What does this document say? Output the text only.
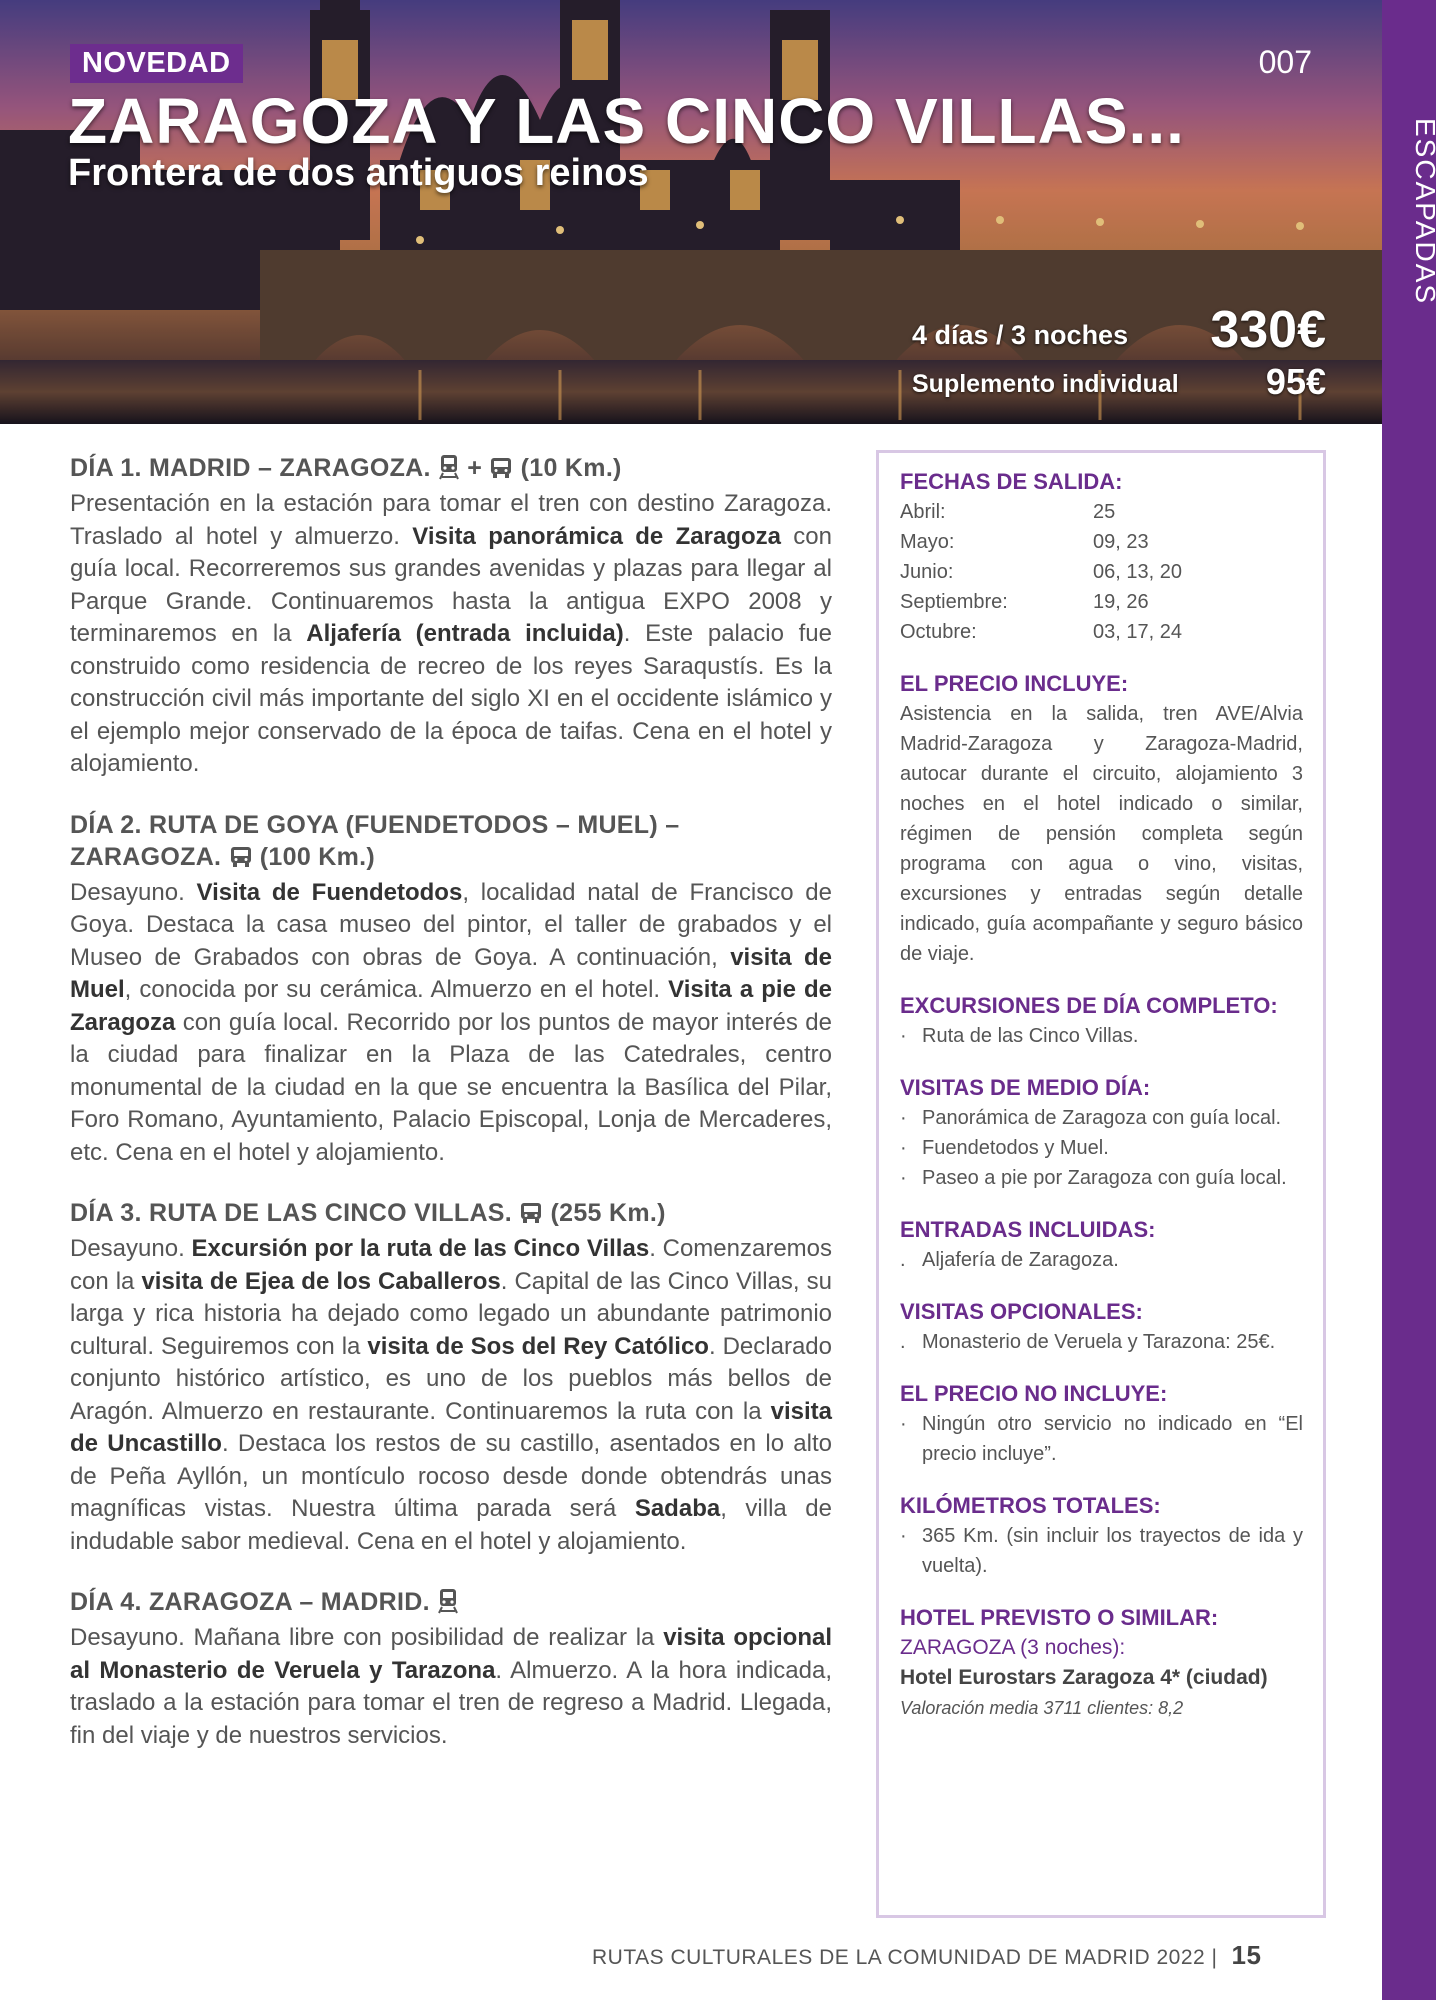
NOVEDAD	007
ZARAGOZA Y LAS CINCO VILLAS...
Frontera de dos antiguos reinos
4 días / 3 noches 330€
Suplemento individual 95€
ESCAPADAS
DÍA 1. MADRID – ZARAGOZA.  +  (10 Km.)
Presentación en la estación para tomar el tren con destino Zaragoza. Traslado al hotel y almuerzo. Visita panorámica de Zaragoza con guía local. Recorreremos sus grandes avenidas y plazas para llegar al Parque Grande. Continuaremos hasta la antigua EXPO 2008 y terminaremos en la Aljafería (entrada incluida). Este palacio fue construido como residencia de recreo de los reyes Saraqustís. Es la construcción civil más importante del siglo XI en el occidente islámico y el ejemplo mejor conservado de la época de taifas. Cena en el hotel y alojamiento.
DÍA 2. RUTA DE GOYA (FUENDETODOS – MUEL) – ZARAGOZA.  (100 Km.)
Desayuno. Visita de Fuendetodos, localidad natal de Francisco de Goya. Destaca la casa museo del pintor, el taller de grabados y el Museo de Grabados con obras de Goya. A continuación, visita de Muel, conocida por su cerámica. Almuerzo en el hotel. Visita a pie de Zaragoza con guía local. Recorrido por los puntos de mayor interés de la ciudad para finalizar en la Plaza de las Catedrales, centro monumental de la ciudad en la que se encuentra la Basílica del Pilar, Foro Romano, Ayuntamiento, Palacio Episcopal, Lonja de Mercaderes, etc. Cena en el hotel y alojamiento.
DÍA 3. RUTA DE LAS CINCO VILLAS.  (255 Km.)
Desayuno. Excursión por la ruta de las Cinco Villas. Comenzaremos con la visita de Ejea de los Caballeros. Capital de las Cinco Villas, su larga y rica historia ha dejado como legado un abundante patrimonio cultural. Seguiremos con la visita de Sos del Rey Católico. Declarado conjunto histórico artístico, es uno de los pueblos más bellos de Aragón. Almuerzo en restaurante. Continuaremos la ruta con la visita de Uncastillo. Destaca los restos de su castillo, asentados en lo alto de Peña Ayllón, un montículo rocoso desde donde obtendrás unas magníficas vistas. Nuestra última parada será Sadaba, villa de indudable sabor medieval. Cena en el hotel y alojamiento.
DÍA 4. ZARAGOZA – MADRID.
Desayuno. Mañana libre con posibilidad de realizar la visita opcional al Monasterio de Veruela y Tarazona. Almuerzo. A la hora indicada, traslado a la estación para tomar el tren de regreso a Madrid. Llegada, fin del viaje y de nuestros servicios.
FECHAS DE SALIDA:
Abril:	25
Mayo:	09, 23
Junio:	06, 13, 20
Septiembre:	19, 26
Octubre:	03, 17, 24
EL PRECIO INCLUYE:
Asistencia en la salida, tren AVE/Alvia Madrid-Zaragoza y Zaragoza-Madrid, autocar durante el circuito, alojamiento 3 noches en el hotel indicado o similar, régimen de pensión completa según programa con agua o vino, visitas, excursiones y entradas según detalle indicado, guía acompañante y seguro básico de viaje.
EXCURSIONES DE DÍA COMPLETO:
· Ruta de las Cinco Villas.
VISITAS DE MEDIO DÍA:
· Panorámica de Zaragoza con guía local.
· Fuendetodos y Muel.
· Paseo a pie por Zaragoza con guía local.
ENTRADAS INCLUIDAS:
. Aljafería de Zaragoza.
VISITAS OPCIONALES:
. Monasterio de Veruela y Tarazona: 25€.
EL PRECIO NO INCLUYE:
· Ningún otro servicio no indicado en “El precio incluye”.
KILÓMETROS TOTALES:
· 365 Km. (sin incluir los trayectos de ida y vuelta).
HOTEL PREVISTO O SIMILAR:
ZARAGOZA (3 noches):
Hotel Eurostars Zaragoza 4* (ciudad)
Valoración media 3711 clientes: 8,2
RUTAS CULTURALES DE LA COMUNIDAD DE MADRID 2022 | 15
